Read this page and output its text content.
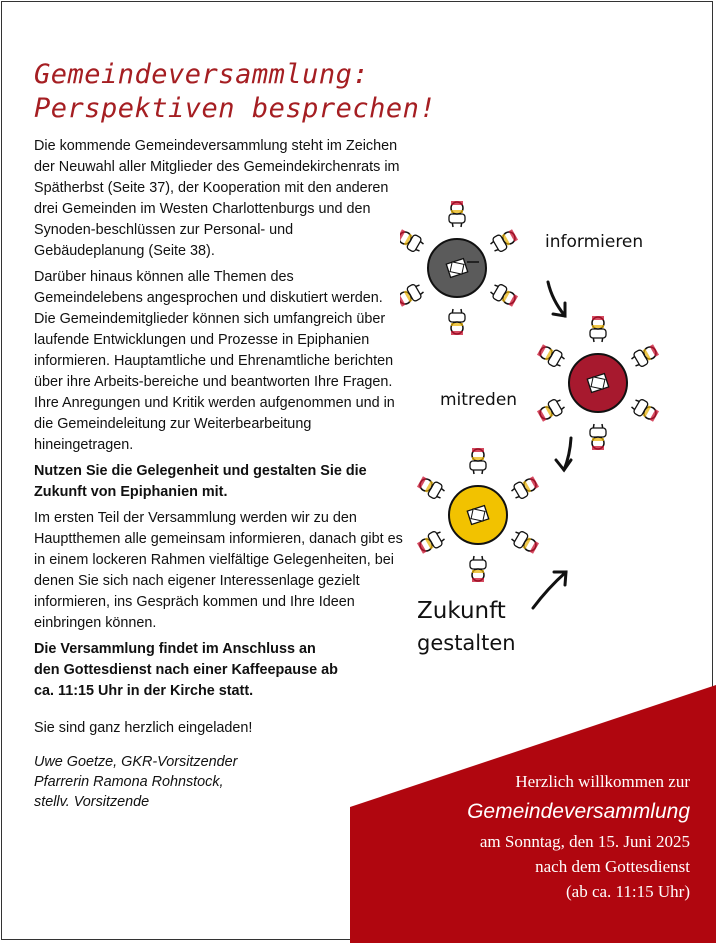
Gemeindeversammlung:
Perspektiven besprechen!

Die kommende Gemeindeversammlung steht im Zeichen der Neuwahl aller Mitglieder des Gemeindekirchenrats im Spätherbst (Seite 37), der Kooperation mit den anderen drei Gemeinden im Westen Charlottenburgs und den Synoden-beschlüssen zur Personal- und Gebäudeplanung (Seite 38).

Darüber hinaus können alle Themen des Gemeindelebens angesprochen und diskutiert werden. Die Gemeindemitglieder können sich umfangreich über laufende Entwicklungen und Prozesse in Epiphanien informieren. Hauptamtliche und Ehrenamtliche berichten über ihre Arbeits-bereiche und beantworten Ihre Fragen. Ihre Anregungen und Kritik werden aufgenommen und in die Gemeindeleitung zur Weiterbearbeitung hineingetragen.

Nutzen Sie die Gelegenheit und gestalten Sie die Zukunft von Epiphanien mit.

Im ersten Teil der Versammlung werden wir zu den Hauptthemen alle gemeinsam informieren, danach gibt es in einem lockeren Rahmen vielfältige Gelegenheiten, bei denen Sie sich nach eigener Interessenlage gezielt informieren, ins Gespräch kommen und Ihre Ideen einbringen können.

Die Versammlung findet im Anschluss an
den Gottesdienst nach einer Kaffeepause ab
ca. 11:15 Uhr in der Kirche statt.

Sie sind ganz herzlich eingeladen!

Uwe Goetze, GKR-Vorsitzender
Pfarrerin Ramona Rohnstock,
stellv. Vorsitzende

informieren
mitreden
Zukunft
gestalten
Herzlich willkommen zur
Gemeindeversammlung
am Sonntag, den 15. Juni 2025
nach dem Gottesdienst
(ab ca. 11:15 Uhr)
